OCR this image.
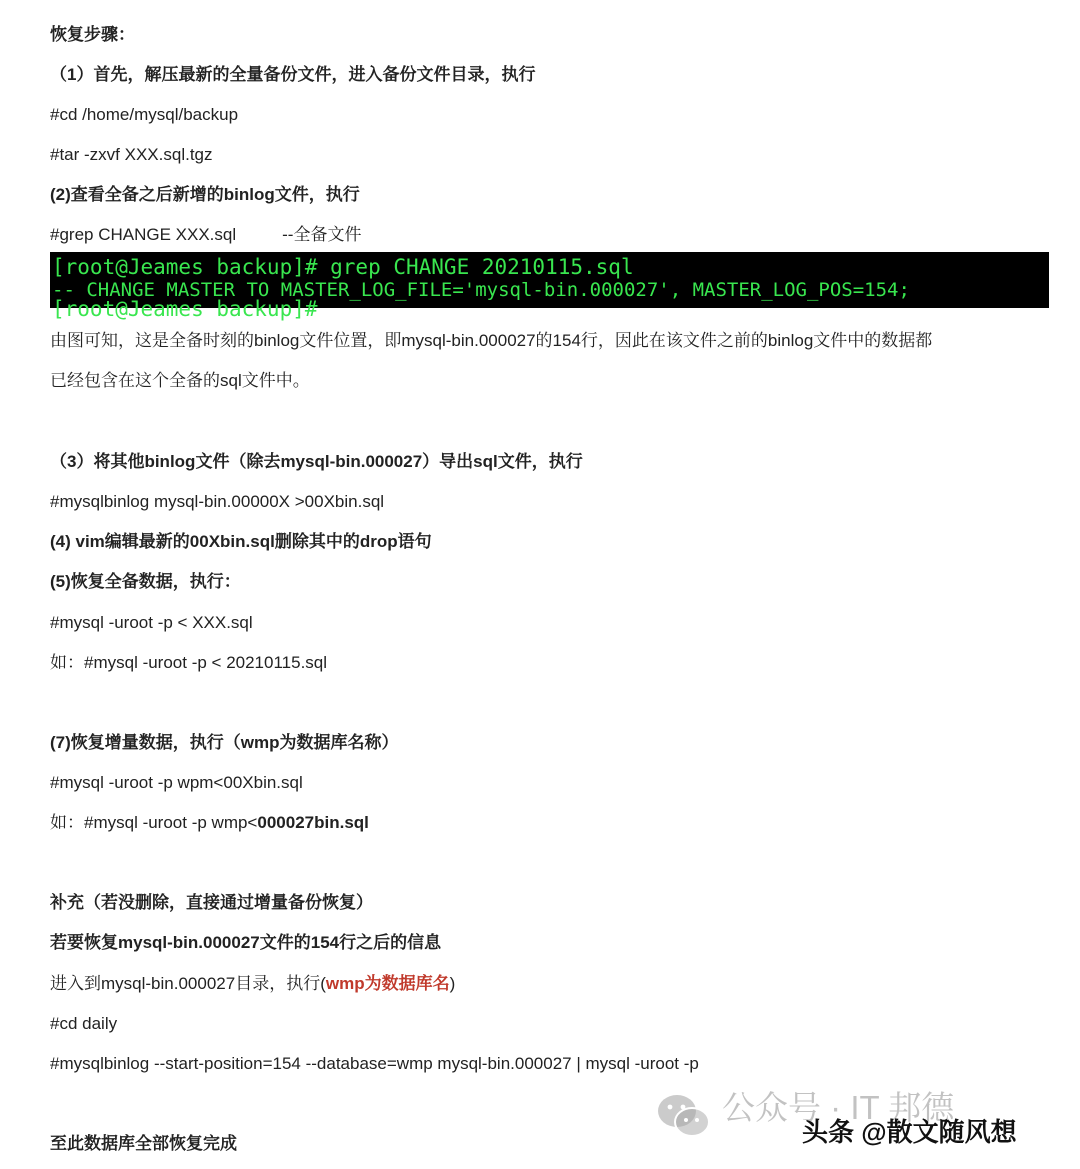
恢复步骤：
（1）首先，解压最新的全量备份文件，进入备份文件目录，执行
#cd /home/mysql/backup
#tar -zxvf XXX.sql.tgz
(2)查看全备之后新增的binlog文件，执行
#grep CHANGE XXX.sql	--全备文件
[root@Jeames backup]# grep CHANGE 20210115.sql
-- CHANGE MASTER TO MASTER_LOG_FILE='mysql-bin.000027', MASTER_LOG_POS=154;
[root@Jeames backup]#
由图可知，这是全备时刻的binlog文件位置，即mysql-bin.000027的154行，因此在该文件之前的binlog文件中的数据都
已经包含在这个全备的sql文件中。
（3）将其他binlog文件（除去mysql-bin.000027）导出sql文件，执行
#mysqlbinlog mysql-bin.00000X >00Xbin.sql
(4) vim编辑最新的00Xbin.sql删除其中的drop语句
(5)恢复全备数据，执行：
#mysql -uroot -p < XXX.sql
如：#mysql -uroot -p < 20210115.sql
(7)恢复增量数据，执行（wmp为数据库名称）
#mysql -uroot -p wpm<00Xbin.sql
如：#mysql -uroot -p wmp<000027bin.sql
补充（若没删除，直接通过增量备份恢复）
若要恢复mysql-bin.000027文件的154行之后的信息
进入到mysql-bin.000027目录，执行(wmp为数据库名)
#cd daily
#mysqlbinlog --start-position=154 --database=wmp mysql-bin.000027 | mysql -uroot -p
至此数据库全部恢复完成
公众号 · IT 邦德
头条 @散文随风想
